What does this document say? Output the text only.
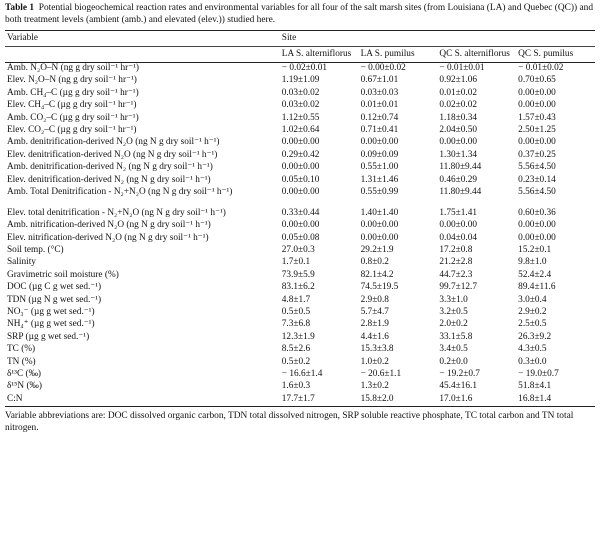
Table 1 Potential biogeochemical reaction rates and environmental variables for all four of the salt marsh sites (from Louisiana (LA) and Quebec (QC)) and both treatment levels (ambient (amb.) and elevated (elev.)) studied here.

Variable	Site			
	LA S. alterniflorus	LA S. pumilus	QC S. alterniflorus	QC S. pumilus
Amb. N₂O–N (ng g dry soil⁻¹ hr⁻¹)	− 0.02±0.01	− 0.00±0.02	− 0.01±0.01	− 0.01±0.02
Elev. N₂O–N (ng g dry soil⁻¹ hr⁻¹)	1.19±1.09	0.67±1.01	0.92±1.06	0.70±0.65
Amb. CH₄–C (µg g dry soil⁻¹ hr⁻¹)	0.03±0.02	0.03±0.03	0.01±0.02	0.00±0.00
Elev. CH₄–C (µg g dry soil⁻¹ hr⁻¹)	0.03±0.02	0.01±0.01	0.02±0.02	0.00±0.00
Amb. CO₂–C (µg g dry soil⁻¹ hr⁻¹)	1.12±0.55	0.12±0.74	1.18±0.34	1.57±0.43
Elev. CO₂–C (µg g dry soil⁻¹ hr⁻¹)	1.02±0.64	0.71±0.41	2.04±0.50	2.50±1.25
Amb. denitrification-derived N₂O (ng N g dry soil⁻¹ h⁻¹)	0.00±0.00	0.00±0.00	0.00±0.00	0.00±0.00
Elev. denitrification-derived N₂O (ng N g dry soil⁻¹ h⁻¹)	0.29±0.42	0.09±0.09	1.30±1.34	0.37±0.25
Amb. denitrification-derived N₂ (ng N g dry soil⁻¹ h⁻¹)	0.00±0.00	0.55±1.00	11.80±9.44	5.56±4.50
Elev. denitrification-derived N₂ (ng N g dry soil⁻¹ h⁻¹)	0.05±0.10	1.31±1.46	0.46±0.29	0.23±0.14
Amb. Total Denitrification - N₂+N₂O (ng N g dry soil⁻¹ h⁻¹)	0.00±0.00	0.55±0.99	11.80±9.44	5.56±4.50
Elev. total denitrification - N₂+N₂O (ng N g dry soil⁻¹ h⁻¹)	0.33±0.44	1.40±1.40	1.75±1.41	0.60±0.36
Amb. nitrification-derived N₂O (ng N g dry soil⁻¹ h⁻¹)	0.00±0.00	0.00±0.00	0.00±0.00	0.00±0.00
Elev. nitrification-derived N₂O (ng N g dry soil⁻¹ h⁻¹)	0.05±0.08	0.00±0.00	0.04±0.04	0.00±0.00
Soil temp. (°C)	27.0±0.3	29.2±1.9	17.2±0.8	15.2±0.1
Salinity	1.7±0.1	0.8±0.2	21.2±2.8	9.8±1.0
Gravimetric soil moisture (%)	73.9±5.9	82.1±4.2	44.7±2.3	52.4±2.4
DOC (µg C g wet sed.⁻¹)	83.1±6.2	74.5±19.5	99.7±12.7	89.4±11.6
TDN (µg N g wet sed.⁻¹)	4.8±1.7	2.9±0.8	3.3±1.0	3.0±0.4
NO₃⁻ (µg g wet sed.⁻¹)	0.5±0.5	5.7±4.7	3.2±0.5	2.9±0.2
NH₄⁺ (µg g wet sed.⁻¹)	7.3±6.8	2.8±1.9	2.0±0.2	2.5±0.5
SRP (µg g wet sed.⁻¹)	12.3±1.9	4.4±1.6	33.1±5.8	26.3±9.2
TC (%)	8.5±2.6	15.3±3.8	3.4±0.5	4.3±0.5
TN (%)	0.5±0.2	1.0±0.2	0.2±0.0	0.3±0.0
δ¹³C (‰)	− 16.6±1.4	− 20.6±1.1	− 19.2±0.7	− 19.0±0.7
δ¹⁵N (‰)	1.6±0.3	1.3±0.2	45.4±16.1	51.8±4.1
C:N	17.7±1.7	15.8±2.0	17.0±1.6	16.8±1.4

Variable abbreviations are: DOC dissolved organic carbon, TDN total dissolved nitrogen, SRP soluble reactive phosphate, TC total carbon and TN total nitrogen.
